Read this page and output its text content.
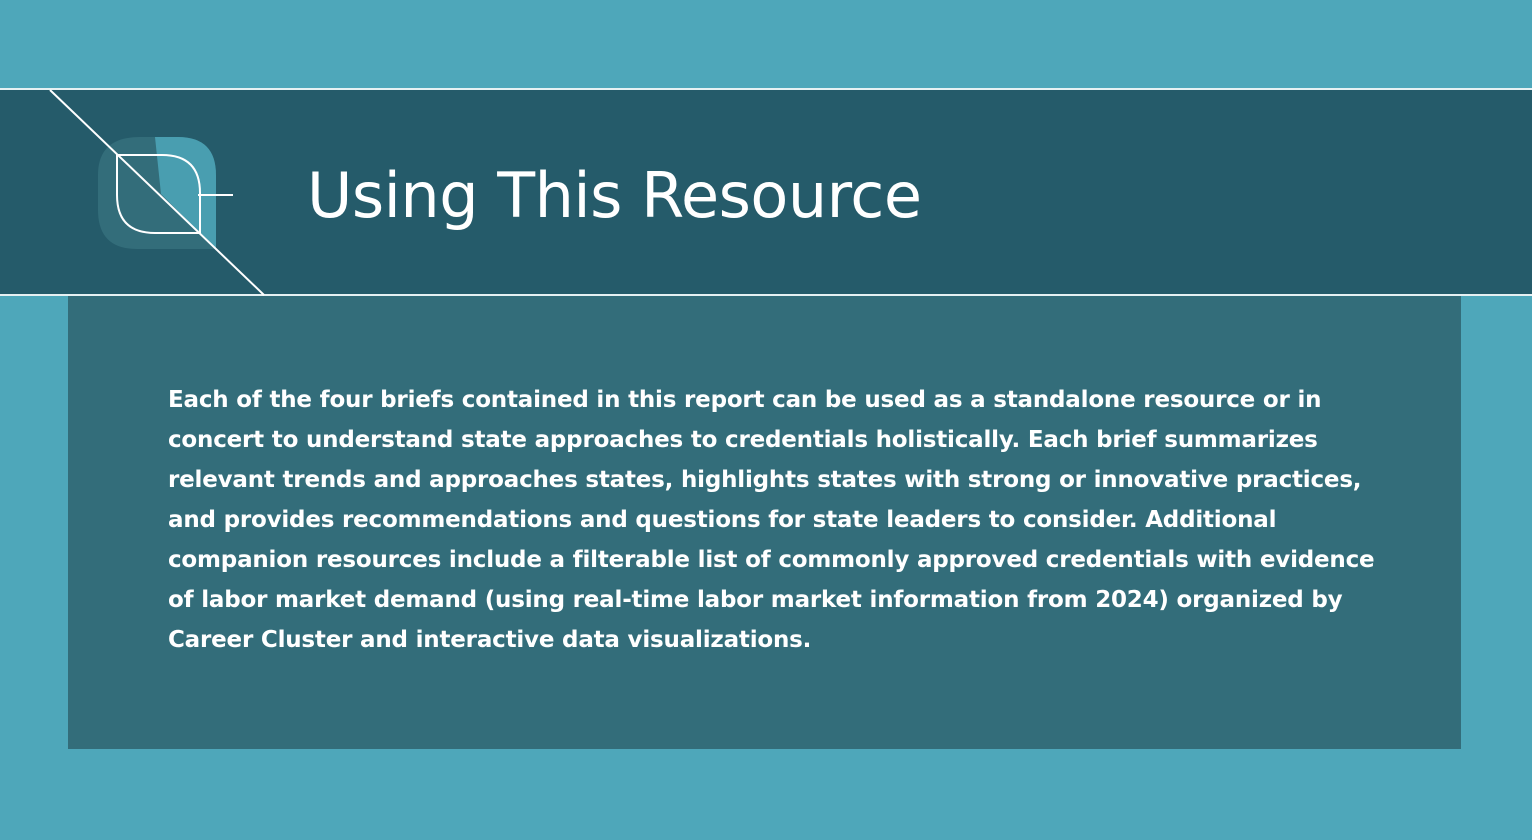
Using This Resource

Each of the four briefs contained in this report can be used as a standalone resource or in concert to understand state approaches to credentials holistically. Each brief summarizes relevant trends and approaches states, highlights states with strong or innovative practices, and provides recommendations and questions for state leaders to consider. Additional companion resources include a filterable list of commonly approved credentials with evidence of labor market demand (using real-time labor market information from 2024) organized by Career Cluster and interactive data visualizations.
